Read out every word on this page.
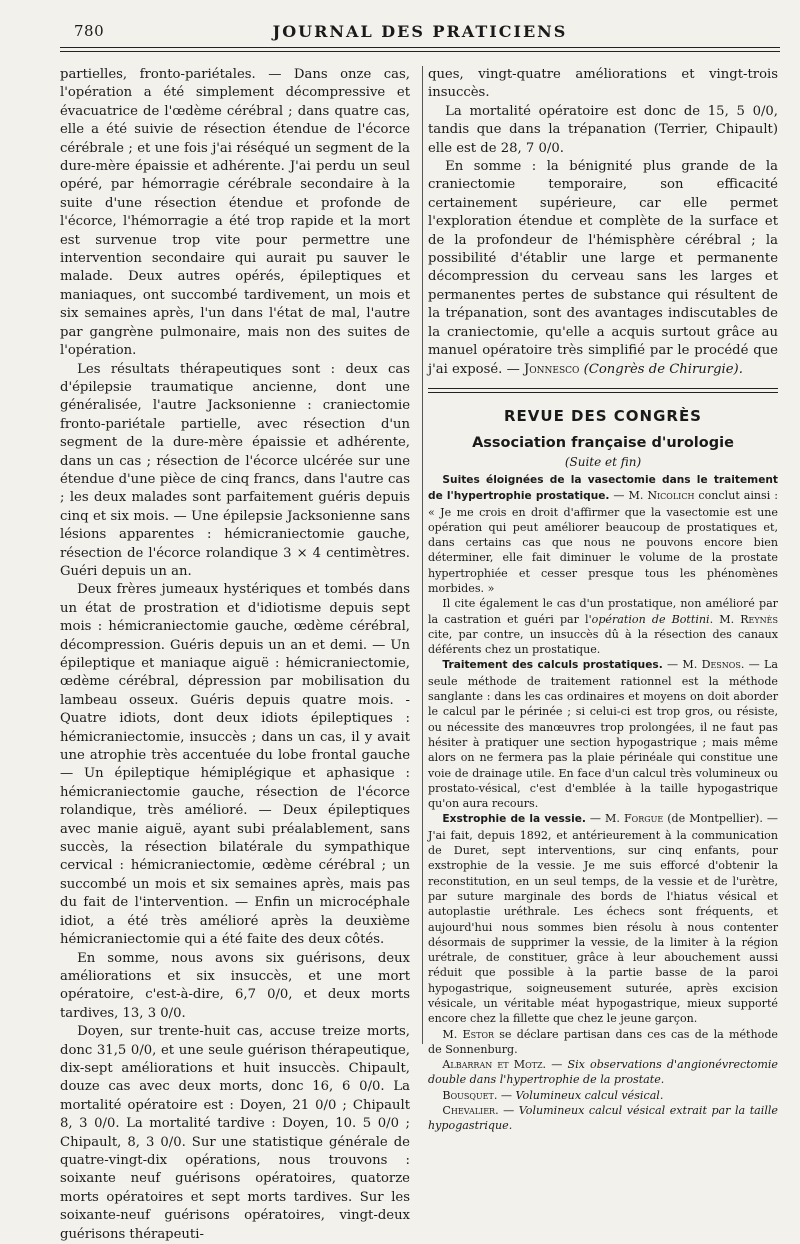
780	JOURNAL DES PRATICIENS

partielles, fronto-pariétales. — Dans onze cas, l'opération a été simplement décompressive et évacuatrice de l'œdème cérébral ; dans quatre cas, elle a été suivie de résection étendue de l'écorce cérébrale ; et une fois j'ai réséqué un segment de la dure-mère épaissie et adhérente. J'ai perdu un seul opéré, par hémorragie cérébrale secondaire à la suite d'une résection étendue et profonde de l'écorce, l'hémorragie a été trop rapide et la mort est survenue trop vite pour permettre une intervention secondaire qui aurait pu sauver le malade. Deux autres opérés, épileptiques et maniaques, ont succombé tardivement, un mois et six semaines après, l'un dans l'état de mal, l'autre par gangrène pulmonaire, mais non des suites de l'opération.

Les résultats thérapeutiques sont : deux cas d'épilepsie traumatique ancienne, dont une généralisée, l'autre Jacksonienne : craniectomie fronto-pariétale partielle, avec résection d'un segment de la dure-mère épaissie et adhérente, dans un cas ; résection de l'écorce ulcérée sur une étendue d'une pièce de cinq francs, dans l'autre cas ; les deux malades sont parfaitement guéris depuis cinq et six mois. — Une épilepsie Jacksonienne sans lésions apparentes : hémicraniectomie gauche, résection de l'écorce rolandique 3 × 4 centimètres. Guéri depuis un an.

Deux frères jumeaux hystériques et tombés dans un état de prostration et d'idiotisme depuis sept mois : hémicraniectomie gauche, œdème cérébral, décompression. Guéris depuis un an et demi. — Un épileptique et maniaque aiguë : hémicraniectomie, œdème cérébral, dépression par mobilisation du lambeau osseux. Guéris depuis quatre mois. - Quatre idiots, dont deux idiots épileptiques : hémicraniectomie, insuccès ; dans un cas, il y avait une atrophie très accentuée du lobe frontal gauche — Un épileptique hémiplégique et aphasique : hémicraniectomie gauche, résection de l'écorce rolandique, très amélioré. — Deux épileptiques avec manie aiguë, ayant subi préalablement, sans succès, la résection bilatérale du sympathique cervical : hémicraniectomie, œdème cérébral ; un succombé un mois et six semaines après, mais pas du fait de l'intervention. — Enfin un microcéphale idiot, a été très amélioré après la deuxième hémicraniectomie qui a été faite des deux côtés.

En somme, nous avons six guérisons, deux améliorations et six insuccès, et une mort opératoire, c'est-à-dire, 6,7 0/0, et deux morts tardives, 13, 3 0/0.

Doyen, sur trente-huit cas, accuse treize morts, donc 31,5 0/0, et une seule guérison thérapeutique, dix-sept améliorations et huit insuccès. Chipault, douze cas avec deux morts, donc 16, 6 0/0. La mortalité opératoire est : Doyen, 21 0/0 ; Chipault 8, 3 0/0. La mortalité tardive : Doyen, 10. 5 0/0 ; Chipault, 8, 3 0/0. Sur une statistique générale de quatre-vingt-dix opérations, nous trouvons : soixante neuf guérisons opératoires, quatorze morts opératoires et sept morts tardives. Sur les soixante-neuf guérisons opératoires, vingt-deux guérisons thérapeuti-

ques, vingt-quatre améliorations et vingt-trois insuccès.

La mortalité opératoire est donc de 15, 5 0/0, tandis que dans la trépanation (Terrier, Chipault) elle est de 28, 7 0/0.

En somme : la bénignité plus grande de la craniectomie temporaire, son efficacité certainement supérieure, car elle permet l'exploration étendue et complète de la surface et de la profondeur de l'hémisphère cérébral ; la possibilité d'établir une large et permanente décompression du cerveau sans les larges et permanentes pertes de substance qui résultent de la trépanation, sont des avantages indiscutables de la craniectomie, qu'elle a acquis surtout grâce au manuel opératoire très simplifié par le procédé que j'ai exposé. — Jonnesco (Congrès de Chirurgie).

REVUE DES CONGRÈS
Association française d'urologie
(Suite et fin)

Suites éloignées de la vasectomie dans le traitement de l'hypertrophie prostatique. — M. Nicolich conclut ainsi : « Je me crois en droit d'affirmer que la vasectomie est une opération qui peut améliorer beaucoup de prostatiques et, dans certains cas que nous ne pouvons encore bien déterminer, elle fait diminuer le volume de la prostate hypertrophiée et cesser presque tous les phénomènes morbides. »

Il cite également le cas d'un prostatique, non amélioré par la castration et guéri par l'opération de Bottini. M. Reynès cite, par contre, un insuccès dû à la résection des canaux déférents chez un prostatique.

Traitement des calculs prostatiques. — M. Desnos. — La seule méthode de traitement rationnel est la méthode sanglante : dans les cas ordinaires et moyens on doit aborder le calcul par le périnée ; si celui-ci est trop gros, ou résiste, ou nécessite des manœuvres trop prolongées, il ne faut pas hésiter à pratiquer une section hypogastrique ; mais même alors on ne fermera pas la plaie périnéale qui constitue une voie de drainage utile. En face d'un calcul très volumineux ou prostato-vésical, c'est d'emblée à la taille hypogastrique qu'on aura recours.

Exstrophie de la vessie. — M. Forgue (de Montpellier). — J'ai fait, depuis 1892, et antérieurement à la communication de Duret, sept interventions, sur cinq enfants, pour exstrophie de la vessie. Je me suis efforcé d'obtenir la reconstitution, en un seul temps, de la vessie et de l'urètre, par suture marginale des bords de l'hiatus vésical et autoplastie uréthrale. Les échecs sont fréquents, et aujourd'hui nous sommes bien résolu à nous contenter désormais de supprimer la vessie, de la limiter à la région urétrale, de constituer, grâce à leur abouchement aussi réduit que possible à la partie basse de la paroi hypogastrique, soigneusement suturée, après excision vésicale, un véritable méat hypogastrique, mieux supporté encore chez la fillette que chez le jeune garçon.

M. Estor se déclare partisan dans ces cas de la méthode de Sonnenburg.

Albarran et Motz. — Six observations d'angionévrectomie double dans l'hypertrophie de la prostate.

Bousquet. — Volumineux calcul vésical.

Chevalier. — Volumineux calcul vésical extrait par la taille hypogastrique.
